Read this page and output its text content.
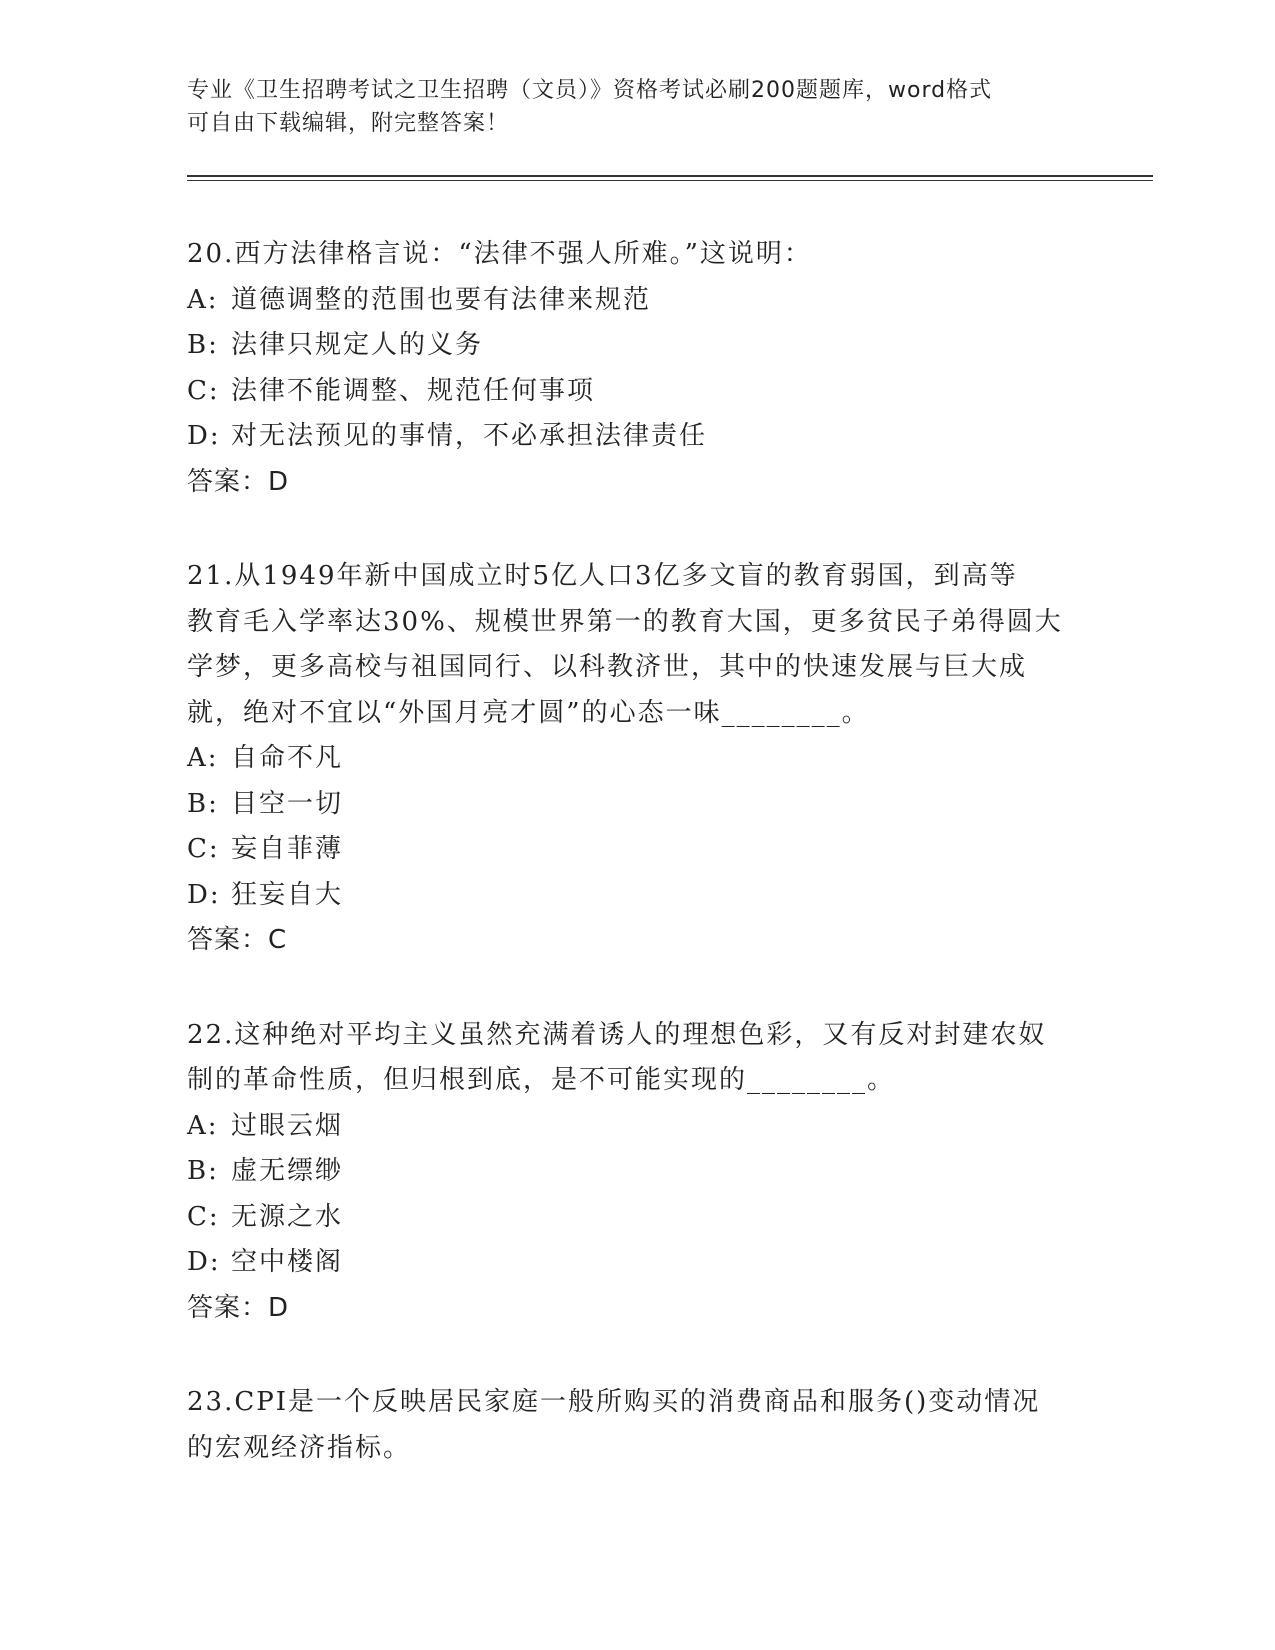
专业《卫生招聘考试之卫生招聘（文员）》资格考试必刷200题题库，word格式
可自由下载编辑，附完整答案！
20.西方法律格言说：“法律不强人所难。”这说明：
A: 道德调整的范围也要有法律来规范
B: 法律只规定人的义务
C: 法律不能调整、规范任何事项
D: 对无法预见的事情，不必承担法律责任
答案：D
21.从1949年新中国成立时5亿人口3亿多文盲的教育弱国，到高等
教育毛入学率达30%、规模世界第一的教育大国，更多贫民子弟得圆大
学梦，更多高校与祖国同行、以科教济世，其中的快速发展与巨大成
就，绝对不宜以“外国月亮才圆”的心态一味________。
A: 自命不凡
B: 目空一切
C: 妄自菲薄
D: 狂妄自大
答案：C
22.这种绝对平均主义虽然充满着诱人的理想色彩，又有反对封建农奴
制的革命性质，但归根到底，是不可能实现的________。
A: 过眼云烟
B: 虚无缥缈
C: 无源之水
D: 空中楼阁
答案：D
23.CPI是一个反映居民家庭一般所购买的消费商品和服务()变动情况
的宏观经济指标。
